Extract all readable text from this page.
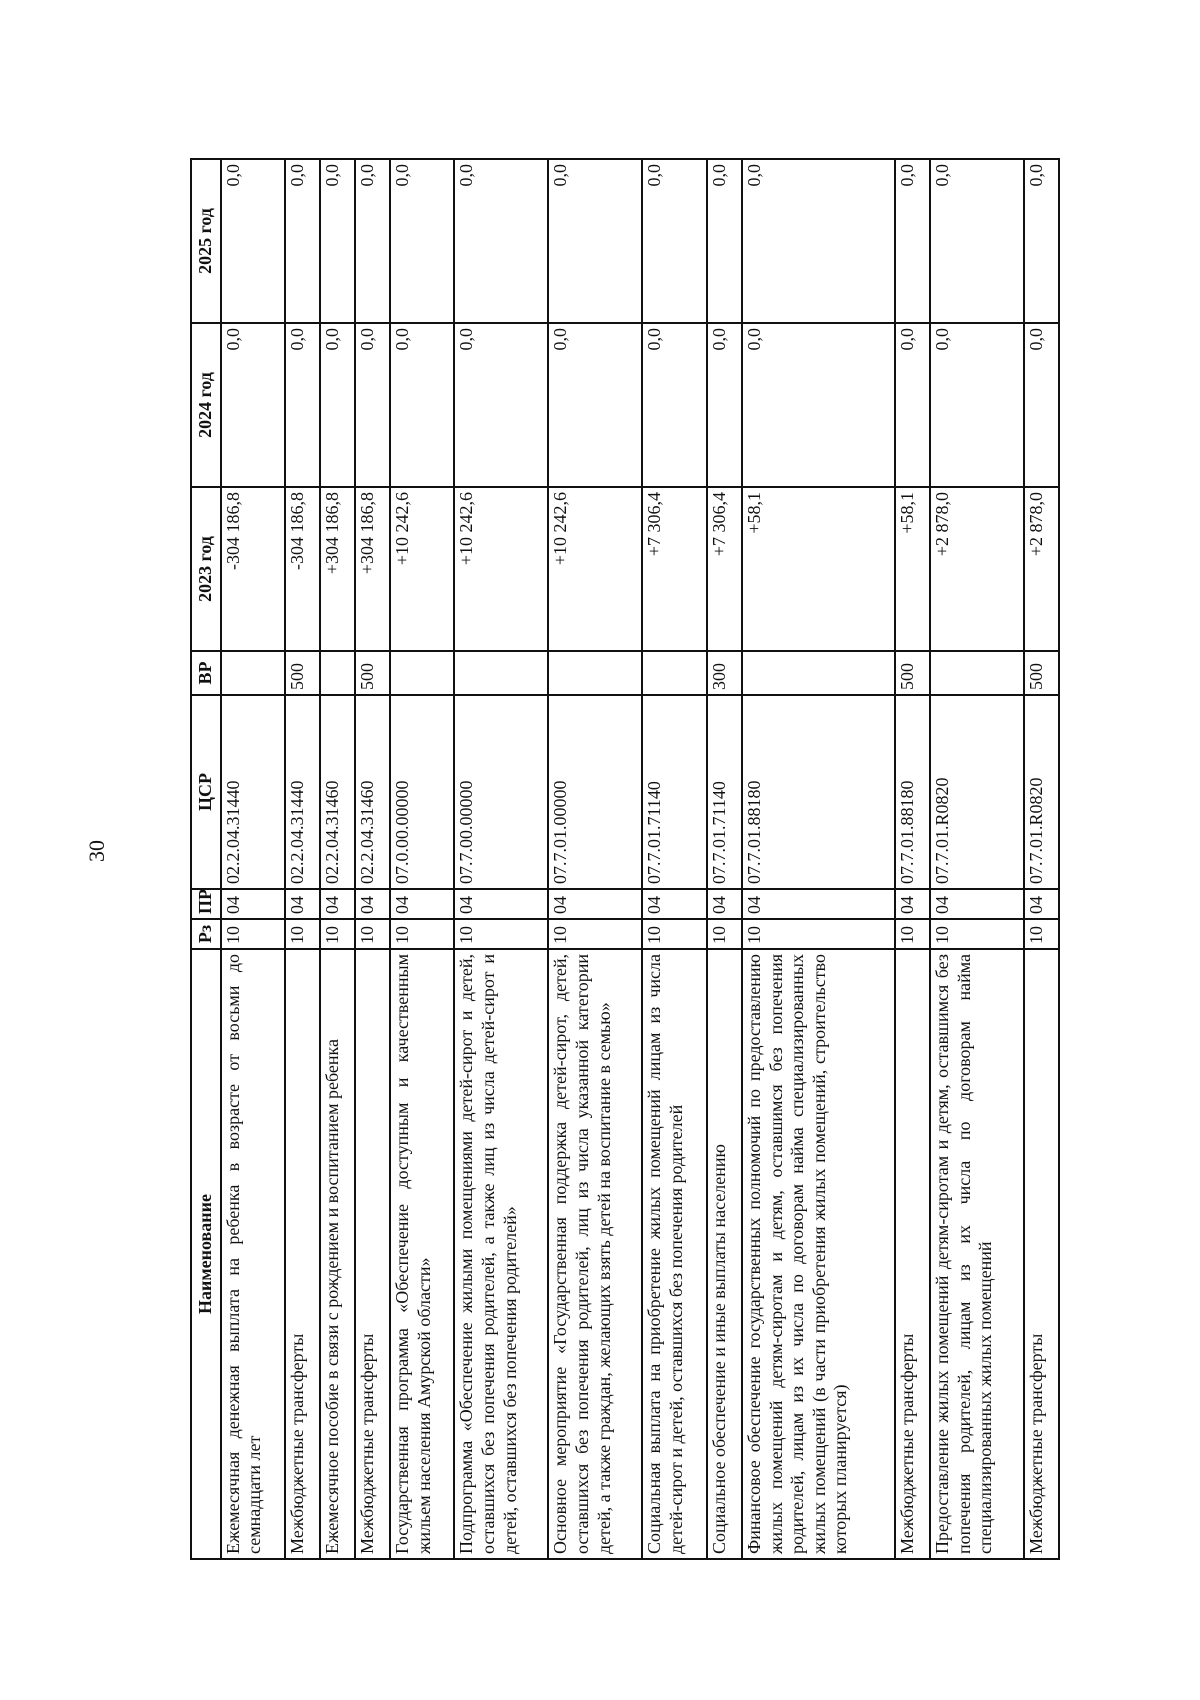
30
Наименование	Рз	ПР	ЦСР	ВР	2023 год	2024 год	2025 год
Ежемесячная денежная выплата на ребенка в возрасте от восьми до семнадцати лет	10	04	02.2.04.31440		-304 186,8	0,0	0,0
Межбюджетные трансферты	10	04	02.2.04.31440	500	-304 186,8	0,0	0,0
Ежемесячное пособие в связи с рождением и воспитанием ребенка	10	04	02.2.04.31460		+304 186,8	0,0	0,0
Межбюджетные трансферты	10	04	02.2.04.31460	500	+304 186,8	0,0	0,0
Государственная программа «Обеспечение доступным и качественным жильем населения Амурской области»	10	04	07.0.00.00000		+10 242,6	0,0	0,0
Подпрограмма «Обеспечение жилыми помещениями детей-сирот и детей, оставшихся без попечения родителей, а также лиц из числа детей-сирот и детей, оставшихся без попечения родителей»	10	04	07.7.00.00000		+10 242,6	0,0	0,0
Основное мероприятие «Государственная поддержка детей-сирот, детей, оставшихся без попечения родителей, лиц из числа указанной категории детей, а также граждан, желающих взять детей на воспитание в семью»	10	04	07.7.01.00000		+10 242,6	0,0	0,0
Социальная выплата на приобретение жилых помещений лицам из числа детей-сирот и детей, оставшихся без попечения родителей	10	04	07.7.01.71140		+7 306,4	0,0	0,0
Социальное обеспечение и иные выплаты населению	10	04	07.7.01.71140	300	+7 306,4	0,0	0,0
Финансовое обеспечение государственных полномочий по предоставлению жилых помещений детям-сиротам и детям, оставшимся без попечения родителей, лицам из их числа по договорам найма специализированных жилых помещений (в части приобретения жилых помещений, строительство которых планируется)	10	04	07.7.01.88180		+58,1	0,0	0,0
Межбюджетные трансферты	10	04	07.7.01.88180	500	+58,1	0,0	0,0
Предоставление жилых помещений детям-сиротам и детям, оставшимся без попечения родителей, лицам из их числа по договорам найма специализированных жилых помещений	10	04	07.7.01.R0820		+2 878,0	0,0	0,0
Межбюджетные трансферты	10	04	07.7.01.R0820	500	+2 878,0	0,0	0,0
